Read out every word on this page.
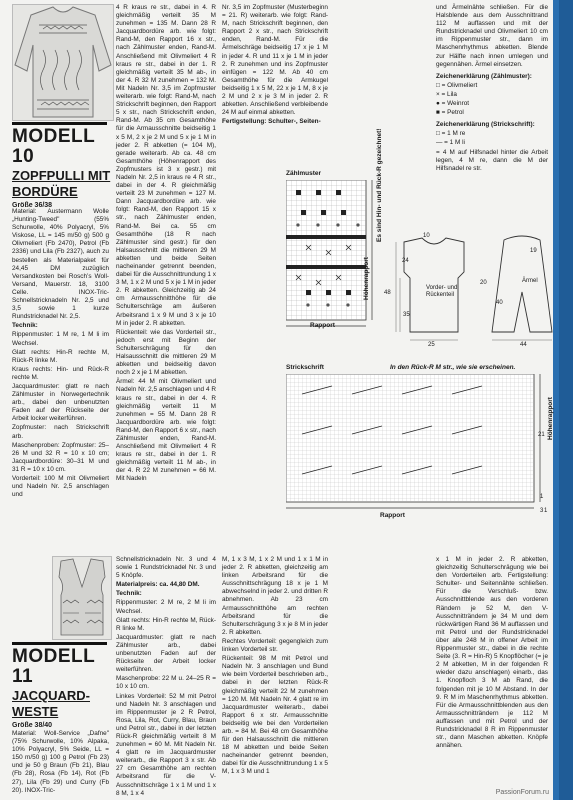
MODELL 10
ZOPFPULLI MIT
BORDÜRE
Größe 36/38

Material: Austermann Wolle „Hunting-Tweed" (55% Schurwolle, 40% Polyacryl, 5% Viskose, LL = 145 m/50 g) 500 g Olivmeliert (Fb 2470), Petrol (Fb 2336) und Lila (Fb 2327), auch zu bestellen als Materialpaket für 24,45 DM zuzüglich Versandkosten bei Rosch’s Woll-Versand, Mauerstr. 18, 3100 Celle. INOX-Tric-Schnellstricknadeln Nr. 2,5 und 3,5 sowie 1 kurze Rundstricknadel Nr. 2,5.

Technik:

Rippenmuster: 1 M re, 1 M li im Wechsel.

Glatt rechts: Hin-R rechte M, Rück-R linke M.

Kraus rechts: Hin- und Rück-R rechte M.

Jacquardmuster: glatt re nach Zählmuster in Norwegertechnik arb., dabei den unbenutzten Faden auf der Rückseite der Arbeit locker weiterführen.

Zopfmuster: nach Strickschrift arb.

Maschenproben: Zopfmuster: 25–26 M und 32 R = 10 x 10 cm; Jacquardbordüre: 30–31 M und 31 R = 10 x 10 cm.

Vorderteil: 100 M mit Olivmeliert und Nadeln Nr. 2,5 anschlagen und

4 R kraus re str., dabei in 4. R gleichmäßig verteilt 35 M zunehmen = 135 M. Dann 28 R Jacquardbordüre arb. wie folgt: Rand-M, den Rapport 16 x str., nach Zählmuster enden, Rand-M. Anschließend mit Olivmeliert 4 R kraus re str., dabei in der 1. R gleichmäßig verteilt 35 M ab-, in der 4. R 32 M zunehmen = 132 M. Mit Nadeln Nr. 3,5 im Zopfmuster weiterarb. wie folgt: Rand-M, nach Strickschrift beginnen, den Rapport 5 x str., nach Strickschrift enden, Rand-M. Ab 35 cm Gesamthöhe für die Armausschnitte beidseitig 1 x 5 M, 2 x je 2 M und 5 x je 1 M in jeder 2. R abketten (= 104 M), gerade weiterarb. Ab ca. 48 cm Gesamthöhe (Höhenrapport des Zopfmusters ist 3 x gestr.) mit Nadeln Nr. 2,5 in kraus re 4 R str., dabei in der 4. R gleichmäßig verteilt 23 M zunehmen = 127 M. Dann Jacquardbordüre arb. wie folgt: Rand-M, den Rapport 15 x str., nach Zählmuster enden, Rand-M. Bei ca. 55 cm Gesamthöhe (18 R nach Zählmuster sind gestr.) für den Halsausschnitt die mittleren 29 M abketten und beide Seiten nacheinander getrennt beenden, dabei für die Ausschnittrundung 1 x 3 M, 1 x 2 M und 5 x je 1 M in jeder 2. R abketten. Gleichzeitig ab 24 cm Armausschnitthöhe für die Schulterschräge am äußeren Arbeitsrand 1 x 9 M und 3 x je 10 M in jeder 2. R abketten.

Rückenteil: wie das Vorderteil str., jedoch erst mit Beginn der Schulterschrägung für den Halsausschnitt die mittleren 29 M abketten und beidseitig davon noch 2 x je 1 M abketten.

Ärmel: 44 M mit Olivmeliert und Nadeln Nr. 2,5 anschlagen und 4 R kraus re str., dabei in der 4. R gleichmäßig verteilt 11 M zunehmen = 55 M. Dann 28 R Jacquardbordüre arb. wie folgt: Rand-M, den Rapport 6 x str., nach Zählmuster enden, Rand-M. Anschließend mit Olivmeliert 4 R kraus re str., dabei in der 1. R gleichmäßig verteilt 11 M ab-, in der 4. R 22 M zunehmen = 66 M. Mit Nadeln

Nr. 3,5 im Zopfmuster (Musterbeginn = 21. R) weiterarb. wie folgt: Rand-M, nach Strickschrift beginnen, den Rapport 2 x str., nach Strickschrift enden, Rand-M. Für die Ärmelschräge beidseitig 17 x je 1 M in jeder 4. R und 11 x je 1 M in jeder 2. R zunehmen und ins Zopfmuster einfügen = 122 M. Ab 40 cm Gesamthöhe für die Armkugel beidseitig 1 x 5 M, 22 x je 1 M, 8 x je 2 M und 2 x je 3 M in jeder 2. R abketten. Anschließend verbleibende 24 M auf einmal abketten.

Fertigstellung: Schulter-, Seiten-

und Ärmelnähte schließen. Für die Halsblende aus dem Ausschnittrand 112 M auffassen und mit der Rundstricknadel und Olivmeliert 10 cm im Rippenmuster str., dann im Maschenrhythmus abketten. Blende zur Hälfte nach innen umlegen und gegennähen. Ärmel einsetzen.

Zeichenerklärung (Zählmuster):

□ = Olivmeliert

× = Lila

● = Weinrot

■ = Petrol

Zeichenerklärung (Strickschrift):

□ = 1 M re

— = 1 M li

= 4 M auf Hilfsnadel hinter die Arbeit legen, 4 M re, dann die M der Hilfsnadel re str.

Zählmuster
Rapport
Es sind Hin- und Rück-R gezeichnet!
Höhenrapport	Vorder- und Rückenteil
Ärmel
10
24
48
35
25	44
20
40
19
Strickschrift	In den Rück-R M str., wie sie erscheinen.
Rapport
Höhenrapport
21
1
3 1
MODELL 11
JACQUARD-
WESTE
Größe 38/40

Material: Woll-Service „Dafne" (75% Schurwolle, 10% Alpaka, 10% Polyacryl, 5% Seide, LL = 150 m/50 g) 100 g Petrol (Fb 23) und je 50 g Braun (Fb 21), Blau (Fb 28), Rosa (Fb 14), Rot (Fb 27), Lila (Fb 29) und Curry (Fb 20). INOX-Tric-

Schnellstricknadeln Nr. 3 und 4 sowie 1 Rundstricknadel Nr. 3 und 5 Knöpfe.

Materialpreis: ca. 44,80 DM.

Technik:

Rippenmuster: 2 M re, 2 M li im Wechsel.

Glatt rechts: Hin-R rechte M, Rück-R linke M.

Jacquardmuster: glatt re nach Zählmuster arb., dabei unbenutzten Faden auf der Rückseite der Arbeit locker weiterführen.

Maschenprobe: 22 M u. 24–25 R = 10 x 10 cm.

Linkes Vorderteil: 52 M mit Petrol und Nadeln Nr. 3 anschlagen und im Rippenmuster je 2 R Petrol, Rosa, Lila, Rot, Curry, Blau, Braun und Petrol str., dabei in der letzten Rück-R gleichmäßig verteilt 8 M zunehmen = 60 M. Mit Nadeln Nr. 4 glatt re im Jacquardmuster weiterarb., die Rapport 3 x str. Ab 27 cm Gesamthöhe am rechten Arbeitsrand für die V-Ausschnittschräge 1 x 1 M und 1 x 8 M, 1 x 4

M, 1 x 3 M, 1 x 2 M und 1 x 1 M in jeder 2. R abketten, gleichzeitig am linken Arbeitsrand für die Ausschnittschrägung 18 x je 1 M abwechselnd in jeder 2. und dritten R abnehmen. Ab 23 cm Armausschnitthöhe am rechten Arbeitsrand für die Schulterschrägung 3 x je 8 M in jeder 2. R abketten.

Rechtes Vorderteil: gegengleich zum linken Vorderteil str.

Rückenteil: 98 M mit Petrol und Nadeln Nr. 3 anschlagen und Bund wie beim Vorderteil beschrieben arb., dabei in der letzten Rück-R gleichmäßig verteilt 22 M zunehmen = 120 M. Mit Nadeln Nr. 4 glatt re im Jacquardmuster weiterarb., dabei Rapport 6 x str. Armausschnitte beidseitig wie bei den Vorderteilen arb. = 84 M. Bei 48 cm Gesamthöhe für den Halsausschnitt die mittleren 18 M abketten und beide Seiten nacheinander getrennt beenden, dabei für die Ausschnittrundung 1 x 5 M, 1 x 3 M und 1

x 1 M in jeder 2. R abketten, gleichzeitig Schulterschrägung wie bei den Vorderteilen arb. Fertigstellung: Schulter- und Seitennähte schließen. Für die Verschluß- bzw. Ausschnittblende aus den vorderen Rändern je 52 M, den V-Ausschnitträndern je 34 M und dem rückwärtigen Rand 36 M auffassen und mit Petrol und der Rundstricknadel über alle 248 M in offener Arbeit im Rippenmuster str., dabei in die rechte Seite (3. R = Hin-R) 5 Knopflöcher (= je 2 M abketten, M in der folgenden R wieder dazu anschlagen) einarb., das 1. Knopfloch 3 M ab Rand, die folgenden mit je 10 M Abstand. In der 9. R M im Maschenrhythmus abketten. Für die Armausschnittblenden aus den Armausschnitträndern je 112 M auffassen und mit Petrol und der Rundstricknadel 8 R im Rippenmuster str., dann Maschen abketten. Knöpfe annähen.

PassionForum.ru
